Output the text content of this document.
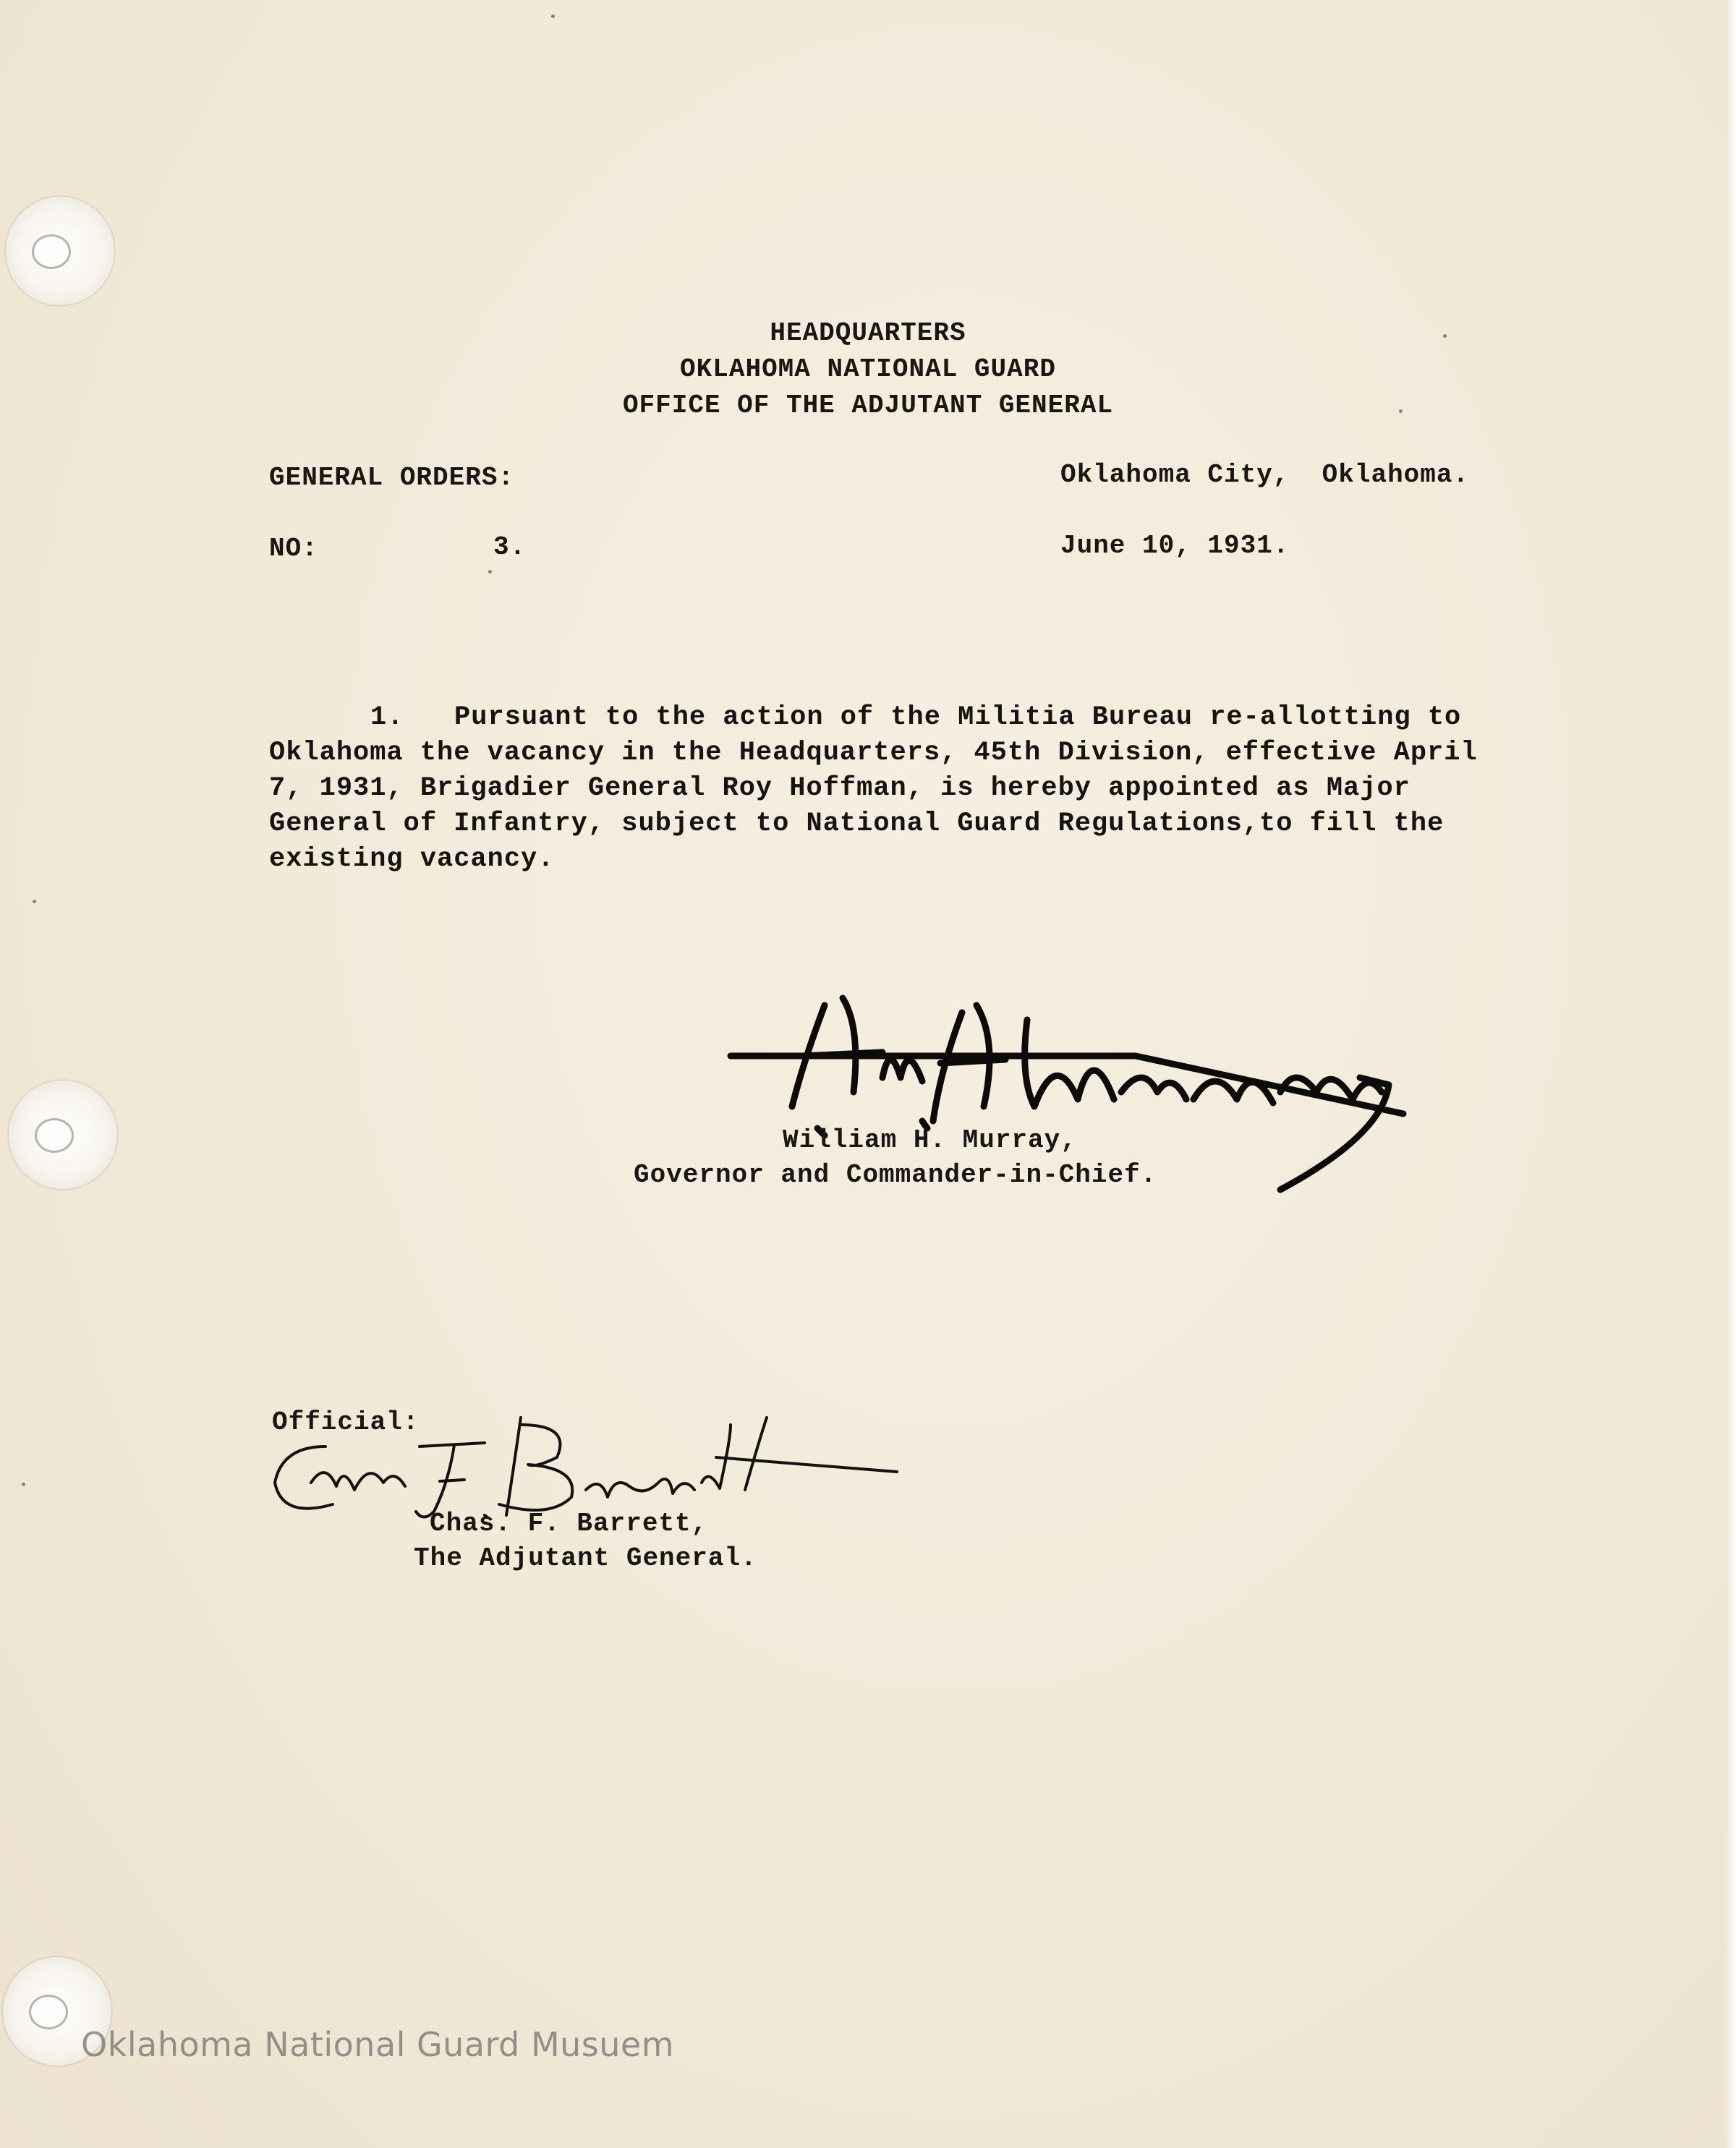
HEADQUARTERS
OKLAHOMA NATIONAL GUARD
OFFICE OF THE ADJUTANT GENERAL
GENERAL ORDERS:	Oklahoma City,  Oklahoma.
NO:	3.	June 10, 1931.
1. Pursuant to the action of the Militia Bureau re-allotting to Oklahoma the vacancy in the Headquarters, 45th Division, effective April 7, 1931, Brigadier General Roy Hoffman, is hereby appointed as Major General of Infantry, subject to National Guard Regulations,to fill the existing vacancy.
William H. Murray,
Governor and Commander-in-Chief.
Official:
Chas. F. Barrett,
The Adjutant General.
Oklahoma National Guard Musuem
